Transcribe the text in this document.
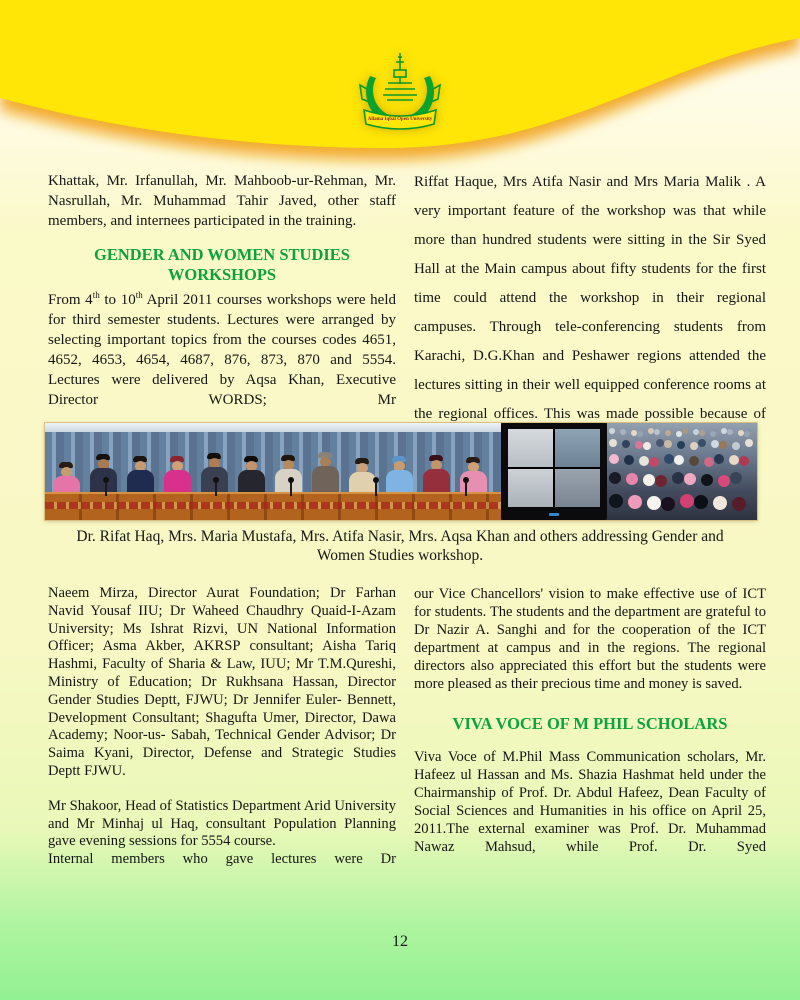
Allama Iqbal Open University

Khattak, Mr. Irfanullah, Mr. Mahboob-ur-Rehman, Mr. Nasrullah, Mr. Muhammad Tahir Javed, other staff members, and internees participated in the training.

GENDER AND WOMEN STUDIES WORKSHOPS

From 4th to 10th April 2011 courses workshops were held for third semester students. Lectures were arranged by selecting important topics from the courses codes 4651, 4652, 4653, 4654, 4687, 876, 873, 870 and 5554. Lectures were delivered by Aqsa Khan, Executive Director WORDS; Mr

Riffat Haque, Mrs Atifa Nasir and Mrs Maria Malik . A very important feature of the workshop was that while more than hundred students were sitting in the Sir Syed Hall at the Main campus about fifty students for the first time could attend the workshop in their regional campuses. Through tele-conferencing students from Karachi, D.G.Khan and Peshawer regions attended the lectures sitting in their well equipped conference rooms at the regional offices. This was made possible because of

Dr. Rifat Haq, Mrs. Maria Mustafa, Mrs. Atifa Nasir, Mrs. Aqsa Khan and others addressing Gender and Women Studies workshop.

Naeem Mirza, Director Aurat Foundation; Dr Farhan Navid Yousaf IIU; Dr Waheed Chaudhry Quaid-I-Azam University; Ms Ishrat Rizvi, UN National Information Officer; Asma Akber, AKRSP consultant; Aisha Tariq Hashmi, Faculty of Sharia & Law, IUU; Mr T.M.Qureshi, Ministry of Education; Dr Rukhsana Hassan, Director Gender Studies Deptt, FJWU; Dr Jennifer Euler- Bennett, Development Consultant; Shagufta Umer, Director, Dawa Academy; Noor-us- Sabah, Technical Gender Advisor; Dr Saima Kyani, Director, Defense and Strategic Studies Deptt FJWU.

Mr Shakoor, Head of Statistics Department Arid University and Mr Minhaj ul Haq, consultant Population Planning gave evening sessions for 5554 course.

Internal members who gave lectures were Dr

our Vice Chancellors' vision to make effective use of ICT for students. The students and the department are grateful to Dr Nazir A. Sanghi and for the cooperation of the ICT department at campus and in the regions. The regional directors also appreciated this effort but the students were more pleased as their precious time and money is saved.

VIVA VOCE OF M PHIL SCHOLARS

Viva Voce of M.Phil Mass Communication scholars, Mr. Hafeez ul Hassan and Ms. Shazia Hashmat held under the Chairmanship of Prof. Dr. Abdul Hafeez, Dean Faculty of Social Sciences and Humanities in his office on April 25, 2011.The external examiner was Prof. Dr. Muhammad Nawaz Mahsud, while Prof. Dr. Syed

12
